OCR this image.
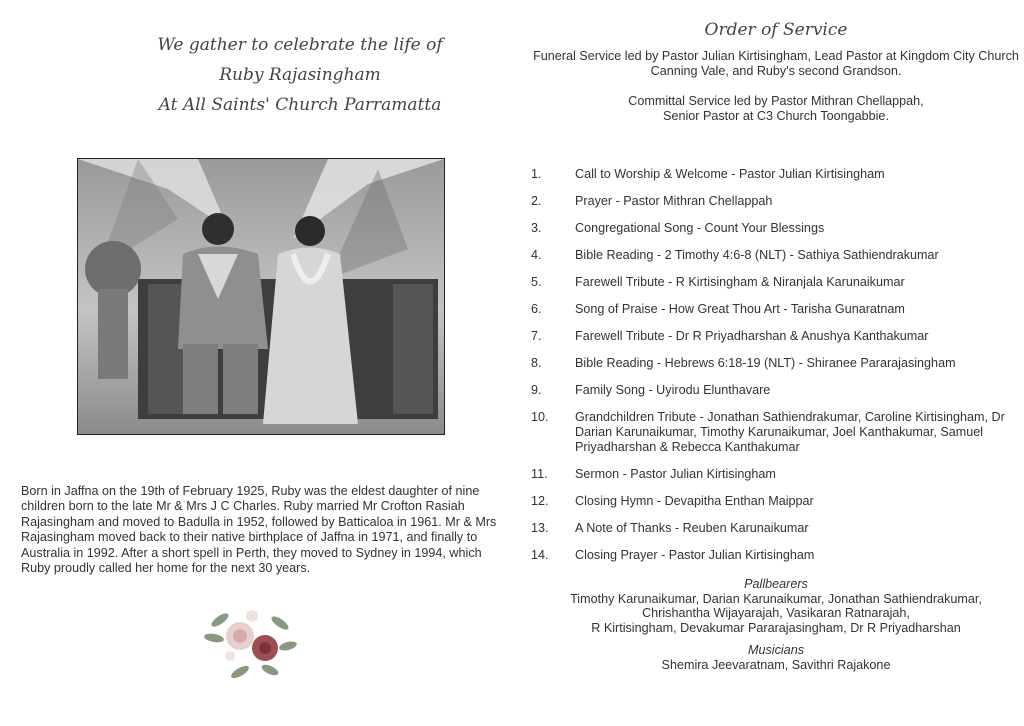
We gather to celebrate the life of
Ruby Rajasingham
At All Saints' Church Parramatta
Born in Jaffna on the 19th of February 1925, Ruby was the eldest daughter of nine children born to the late Mr & Mrs J C Charles. Ruby married Mr Crofton Rasiah Rajasingham and moved to Badulla in 1952, followed by Batticaloa in 1961. Mr & Mrs Rajasingham moved back to their native birthplace of Jaffna in 1971, and finally to Australia in 1992. After a short spell in Perth, they moved to Sydney in 1994, which Ruby proudly called her home for the next 30 years.
Order of Service
Funeral Service led by Pastor Julian Kirtisingham, Lead Pastor at Kingdom City Church Canning Vale, and Ruby's second Grandson.
Committal Service led by Pastor Mithran Chellappah,
Senior Pastor at C3 Church Toongabbie.
1.	Call to Worship & Welcome - Pastor Julian Kirtisingham
2.	Prayer - Pastor Mithran Chellappah
3.	Congregational Song - Count Your Blessings
4.	Bible Reading - 2 Timothy 4:6-8 (NLT) - Sathiya Sathiendrakumar
5.	Farewell Tribute - R Kirtisingham & Niranjala Karunaikumar
6.	Song of Praise - How Great Thou Art - Tarisha Gunaratnam
7.	Farewell Tribute - Dr R Priyadharshan & Anushya Kanthakumar
8.	Bible Reading - Hebrews 6:18-19 (NLT) - Shiranee Pararajasingham
9.	Family Song - Uyirodu Elunthavare
10.	Grandchildren Tribute - Jonathan Sathiendrakumar, Caroline Kirtisingham, Dr Darian Karunaikumar, Timothy Karunaikumar, Joel Kanthakumar, Samuel Priyadharshan & Rebecca Kanthakumar
11.	Sermon - Pastor Julian Kirtisingham
12.	Closing Hymn - Devapitha Enthan Maippar
13.	A Note of Thanks - Reuben Karunaikumar
14.	Closing Prayer - Pastor Julian Kirtisingham
Pallbearers
Timothy Karunaikumar, Darian Karunaikumar, Jonathan Sathiendrakumar,
Chrishantha Wijayarajah, Vasikaran Ratnarajah,
R Kirtisingham, Devakumar Pararajasingham, Dr R Priyadharshan
Musicians
Shemira Jeevaratnam, Savithri Rajakone
